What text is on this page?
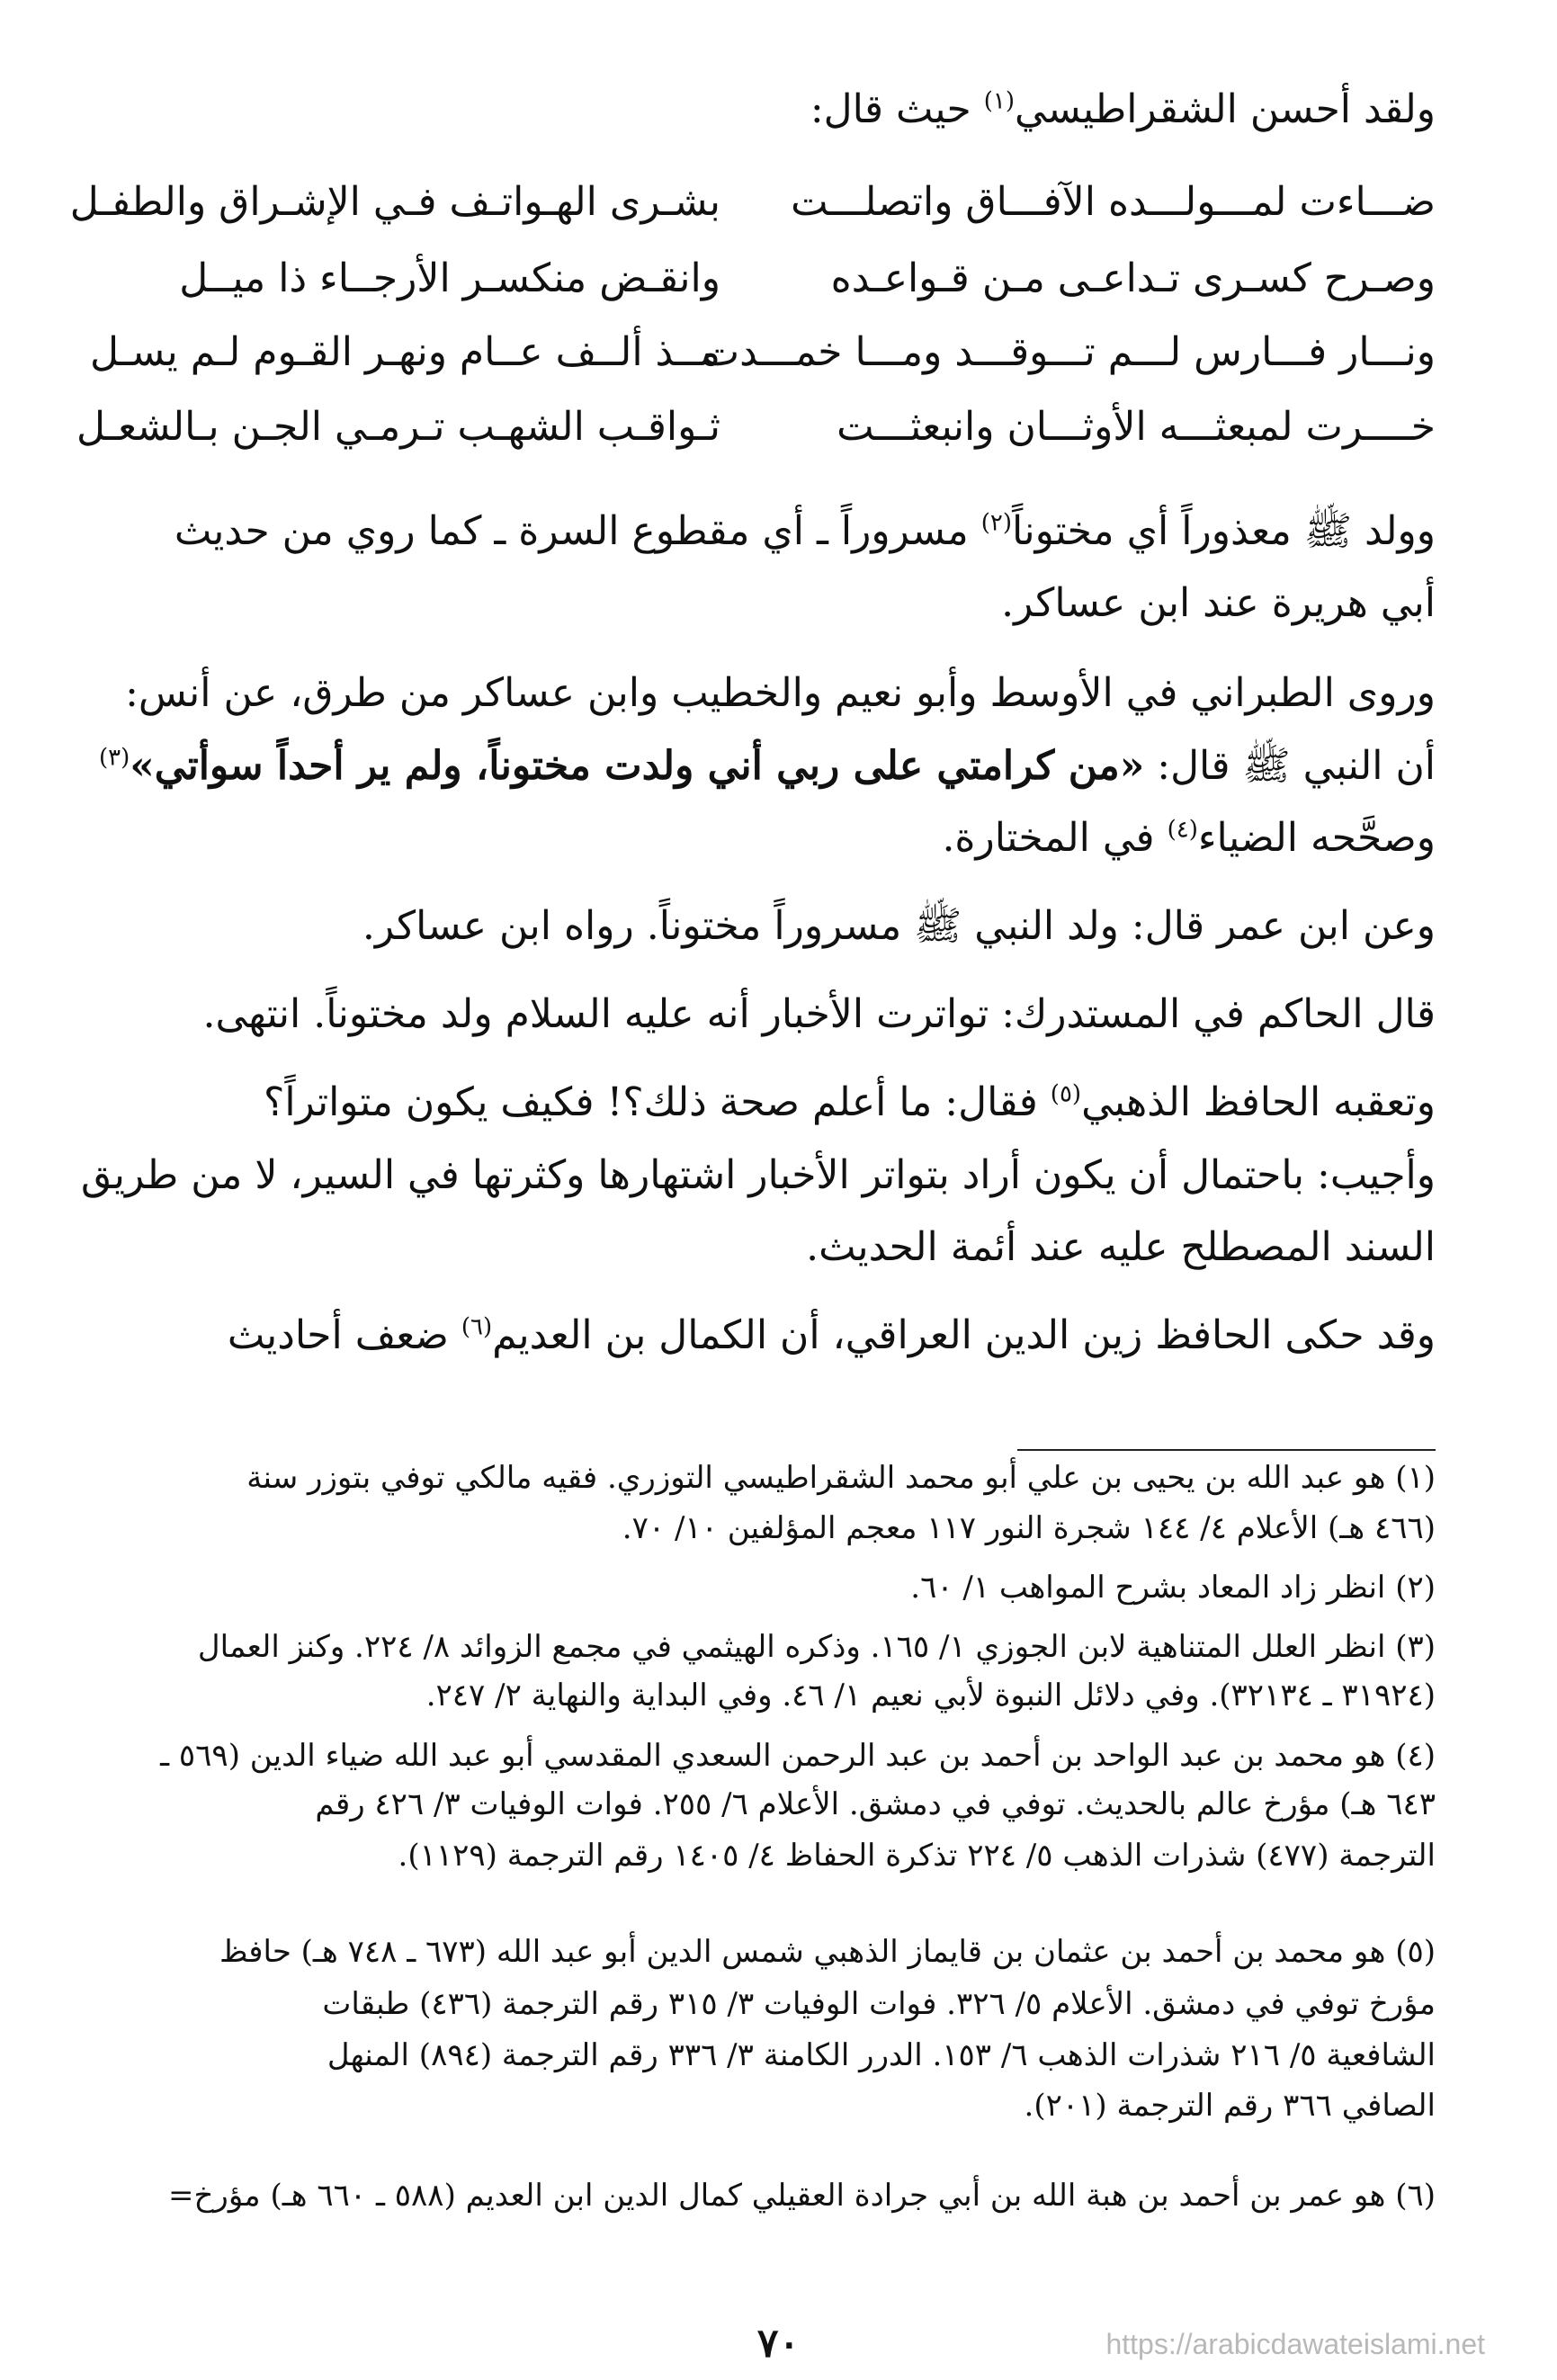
ولقد أحسن الشقراطيسي$^{(١)}$ حيث قال:
ضـــاءت لمـــولـــده الآفـــاق واتصلـــت
بشـرى الهـواتـف فـي الإشـراق والطفـل
وصـرح كسـرى تـداعـى مـن قـواعـده
وانقـض منكسـر الأرجــاء ذا ميــل
ونـــار فـــارس لـــم تـــوقـــد ومـــا خمـــدت
مــذ ألــف عــام ونهـر القـوم لـم يسـل
خــــرت لمبعثـــه الأوثـــان وانبعثـــت
ثـواقـب الشهـب تـرمـي الجـن بـالشعـل
وولد ﷺ معذوراً أي مختوناً$^{(٢)}$ مسروراً ـ أي مقطوع السرة ـ كما روي من حديث
أبي هريرة عند ابن عساكر.
وروى الطبراني في الأوسط وأبو نعيم والخطيب وابن عساكر من طرق، عن أنس:
أن النبي ﷺ قال: «من كرامتي على ربي أني ولدت مختوناً، ولم ير أحداً سوأتي»$^{(٣)}$
وصحَّحه الضياء$^{(٤)}$ في المختارة.
وعن ابن عمر قال: ولد النبي ﷺ مسروراً مختوناً. رواه ابن عساكر.
قال الحاكم في المستدرك: تواترت الأخبار أنه عليه السلام ولد مختوناً. انتهى.
وتعقبه الحافظ الذهبي$^{(٥)}$ فقال: ما أعلم صحة ذلك؟! فكيف يكون متواتراً؟
وأجيب: باحتمال أن يكون أراد بتواتر الأخبار اشتهارها وكثرتها في السير، لا من طريق
السند المصطلح عليه عند أئمة الحديث.
وقد حكى الحافظ زين الدين العراقي، أن الكمال بن العديم$^{(٦)}$ ضعف أحاديث
(١) هو عبد الله بن يحيى بن علي أبو محمد الشقراطيسي التوزري. فقيه مالكي توفي بتوزر سنة
(٤٦٦ هـ) الأعلام ٤/ ١٤٤ شجرة النور ١١٧ معجم المؤلفين ١٠/ ٧٠.
(٢) انظر زاد المعاد بشرح المواهب ١/ ٦٠.
(٣) انظر العلل المتناهية لابن الجوزي ١/ ١٦٥. وذكره الهيثمي في مجمع الزوائد ٨/ ٢٢٤. وكنز العمال
(٣١٩٢٤ ـ ٣٢١٣٤). وفي دلائل النبوة لأبي نعيم ١/ ٤٦. وفي البداية والنهاية ٢/ ٢٤٧.
(٤) هو محمد بن عبد الواحد بن أحمد بن عبد الرحمن السعدي المقدسي أبو عبد الله ضياء الدين (٥٦٩ ـ
٦٤٣ هـ) مؤرخ عالم بالحديث. توفي في دمشق. الأعلام ٦/ ٢٥٥. فوات الوفيات ٣/ ٤٢٦ رقم
الترجمة (٤٧٧) شذرات الذهب ٥/ ٢٢٤ تذكرة الحفاظ ٤/ ١٤٠٥ رقم الترجمة (١١٢٩).
(٥) هو محمد بن أحمد بن عثمان بن قايماز الذهبي شمس الدين أبو عبد الله (٦٧٣ ـ ٧٤٨ هـ) حافظ
مؤرخ توفي في دمشق. الأعلام ٥/ ٣٢٦. فوات الوفيات ٣/ ٣١٥ رقم الترجمة (٤٣٦) طبقات
الشافعية ٥/ ٢١٦ شذرات الذهب ٦/ ١٥٣. الدرر الكامنة ٣/ ٣٣٦ رقم الترجمة (٨٩٤) المنهل
الصافي ٣٦٦ رقم الترجمة (٢٠١).
(٦) هو عمر بن أحمد بن هبة الله بن أبي جرادة العقيلي كمال الدين ابن العديم (٥٨٨ ـ ٦٦٠ هـ) مؤرخ=
٧٠	https://arabicdawateislami.net
